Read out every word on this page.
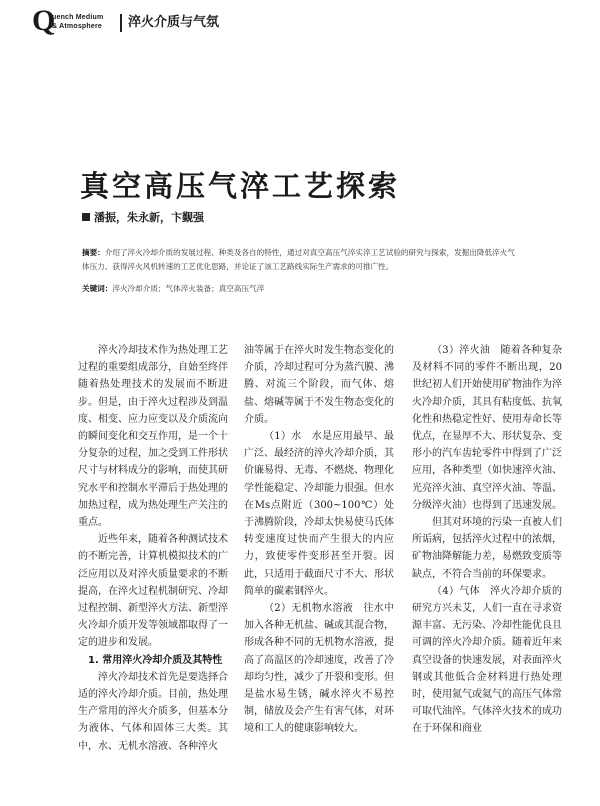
Q
uench Medium
& Atmosphere 淬火介质与气氛
真空高压气淬工艺探索
潘振，朱永新，卞觐强
摘要：介绍了淬火冷却介质的发展过程、种类及各自的特性，通过对真空高压气淬实淬工艺试验的研究与探索，发掘出降低淬火气体压力、获得淬火风机转速的工艺优化思路，并论证了该工艺路线实际生产需求的可推广性。
关键词：淬火冷却介质；气体淬火装备；真空高压气淬

淬火冷却技术作为热处理工艺过程的重要组成部分，自始至终伴随着热处理技术的发展而不断进步。但是，由于淬火过程涉及到温度、相变、应力应变以及介质流向的瞬间变化和交互作用，是一个十分复杂的过程，加之受到工件形状尺寸与材料成分的影响，而使其研究水平和控制水平滞后于热处理的加热过程，成为热处理生产关注的重点。

近些年来，随着各种测试技术的不断完善，计算机模拟技术的广泛应用以及对淬火质量要求的不断提高，在淬火过程机制研究、冷却过程控制、新型淬火方法、新型淬火冷却介质开发等领域都取得了一定的进步和发展。

1. 常用淬火冷却介质及其特性

淬火冷却技术首先是要选择合适的淬火冷却介质。目前，热处理生产常用的淬火介质多，但基本分为液体、气体和固体三大类。其中，水、无机水溶液、各种淬火

油等属于在淬火时发生物态变化的介质，冷却过程可分为蒸汽膜、沸腾、对流三个阶段，而气体、熔盐、熔碱等属于不发生物态变化的介质。

（1）水　水是应用最早、最广泛、最经济的淬火冷却介质，其价廉易得、无毒、不燃烧、物理化学性能稳定、冷却能力很强。但水在Ms点附近（300~100℃）处于沸腾阶段，冷却太快易使马氏体转变速度过快而产生很大的内应力，致使零件变形甚至开裂。因此，只适用于截面尺寸不大、形状简单的碳素钢淬火。

（2）无机物水溶液　往水中加入各种无机盐、碱或其混合物，形成各种不同的无机物水溶液，提高了高温区的冷却速度，改善了冷却均匀性，减少了开裂和变形。但是盐水易生锈，碱水淬火不易控制，储放及会产生有害气体，对环境和工人的健康影响较大。

（3）淬火油　随着各种复杂及材料不同的零件不断出现，20世纪初人们开始使用矿物油作为淬火冷却介质，其具有粘度低、抗氧化性和热稳定性好、使用寿命长等优点，在显厚不大、形状复杂、变形小的汽车齿轮零件中得到了广泛应用，各种类型（如快速淬火油、光亮淬火油、真空淬火油、等温、分级淬火油）也得到了迅速发展。

但其对环境的污染一直被人们所诟病，包括淬火过程中的浓烟，矿物油降解能力差，易燃致变质等缺点，不符合当前的环保要求。

（4）气体　淬火冷却介质的研究方兴未艾，人们一直在寻求资源丰富、无污染、冷却性能优良且可调的淬火冷却介质。随着近年来真空设备的快速发展，对表面淬火钢或其他低合金材料进行热处理时，使用氮气或氦气的高压气体常可取代油淬。气体淬火技术的成功在于环保和商业
